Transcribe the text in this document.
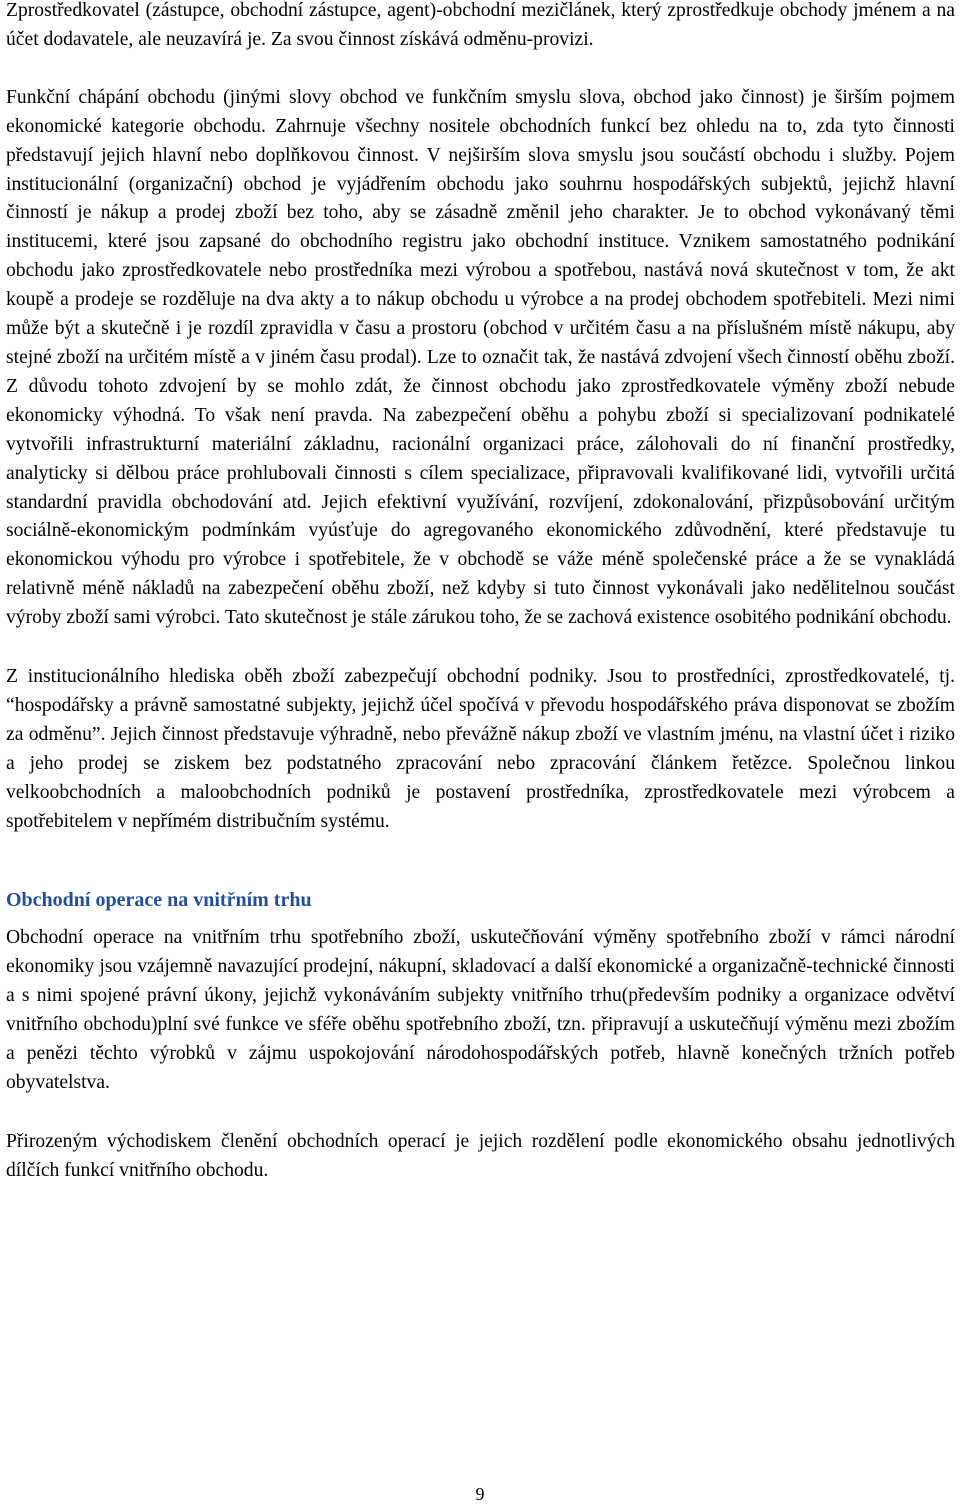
Zprostředkovatel (zástupce, obchodní zástupce, agent)-obchodní mezičlánek, který zprostředkuje obchody jménem a na účet dodavatele, ale neuzavírá je. Za svou činnost získává odměnu-provizi.

Funkční chápání obchodu (jinými slovy obchod ve funkčním smyslu slova, obchod jako činnost) je širším pojmem ekonomické kategorie obchodu. Zahrnuje všechny nositele obchodních funkcí bez ohledu na to, zda tyto činnosti představují jejich hlavní nebo doplňkovou činnost. V nejširším slova smyslu jsou součástí obchodu i služby. Pojem institucionální (organizační) obchod je vyjádřením obchodu jako souhrnu hospodářských subjektů, jejichž hlavní činností je nákup a prodej zboží bez toho, aby se zásadně změnil jeho charakter. Je to obchod vykonávaný těmi institucemi, které jsou zapsané do obchodního registru jako obchodní instituce. Vznikem samostatného podnikání obchodu jako zprostředkovatele nebo prostředníka mezi výrobou a spotřebou, nastává nová skutečnost v tom, že akt koupě a prodeje se rozděluje na dva akty a to nákup obchodu u výrobce a na prodej obchodem spotřebiteli. Mezi nimi může být a skutečně i je rozdíl zpravidla v času a prostoru (obchod v určitém času a na příslušném místě nákupu, aby stejné zboží na určitém místě a v jiném času prodal). Lze to označit tak, že nastává zdvojení všech činností oběhu zboží. Z důvodu tohoto zdvojení by se mohlo zdát, že činnost obchodu jako zprostředkovatele výměny zboží nebude ekonomicky výhodná. To však není pravda. Na zabezpečení oběhu a pohybu zboží si specializovaní podnikatelé vytvořili infrastrukturní materiální základnu, racionální organizaci práce, zálohovali do ní finanční prostředky, analyticky si dělbou práce prohlubovali činnosti s cílem specializace, připravovali kvalifikované lidi, vytvořili určitá standardní pravidla obchodování atd. Jejich efektivní využívání, rozvíjení, zdokonalování, přizpůsobování určitým sociálně-ekonomickým podmínkám vyúsťuje do agregovaného ekonomického zdůvodnění, které představuje tu ekonomickou výhodu pro výrobce i spotřebitele, že v obchodě se váže méně společenské práce a že se vynakládá relativně méně nákladů na zabezpečení oběhu zboží, než kdyby si tuto činnost vykonávali jako nedělitelnou součást výroby zboží sami výrobci. Tato skutečnost je stále zárukou toho, že se zachová existence osobitého podnikání obchodu.

Z institucionálního hlediska oběh zboží zabezpečují obchodní podniky. Jsou to prostředníci, zprostředkovatelé, tj. “hospodářsky a právně samostatné subjekty, jejichž účel spočívá v převodu hospodářského práva disponovat se zbožím za odměnu”. Jejich činnost představuje výhradně, nebo převážně nákup zboží ve vlastním jménu, na vlastní účet i riziko a jeho prodej se ziskem bez podstatného zpracování nebo zpracování článkem řetězce. Společnou linkou velkoobchodních a maloobchodních podniků je postavení prostředníka, zprostředkovatele mezi výrobcem a spotřebitelem v nepřímém distribučním systému.

Obchodní operace na vnitřním trhu

Obchodní operace na vnitřním trhu spotřebního zboží, uskutečňování výměny spotřebního zboží v rámci národní ekonomiky jsou vzájemně navazující prodejní, nákupní, skladovací a další ekonomické a organizačně-technické činnosti a s nimi spojené právní úkony, jejichž vykonáváním subjekty vnitřního trhu(především podniky a organizace odvětví vnitřního obchodu)plní své funkce ve sféře oběhu spotřebního zboží, tzn. připravují a uskutečňují výměnu mezi zbožím a penězi těchto výrobků v zájmu uspokojování národohospodářských potřeb, hlavně konečných tržních potřeb obyvatelstva.

Přirozeným východiskem členění obchodních operací je jejich rozdělení podle ekonomického obsahu jednotlivých dílčích funkcí vnitřního obchodu.

9
